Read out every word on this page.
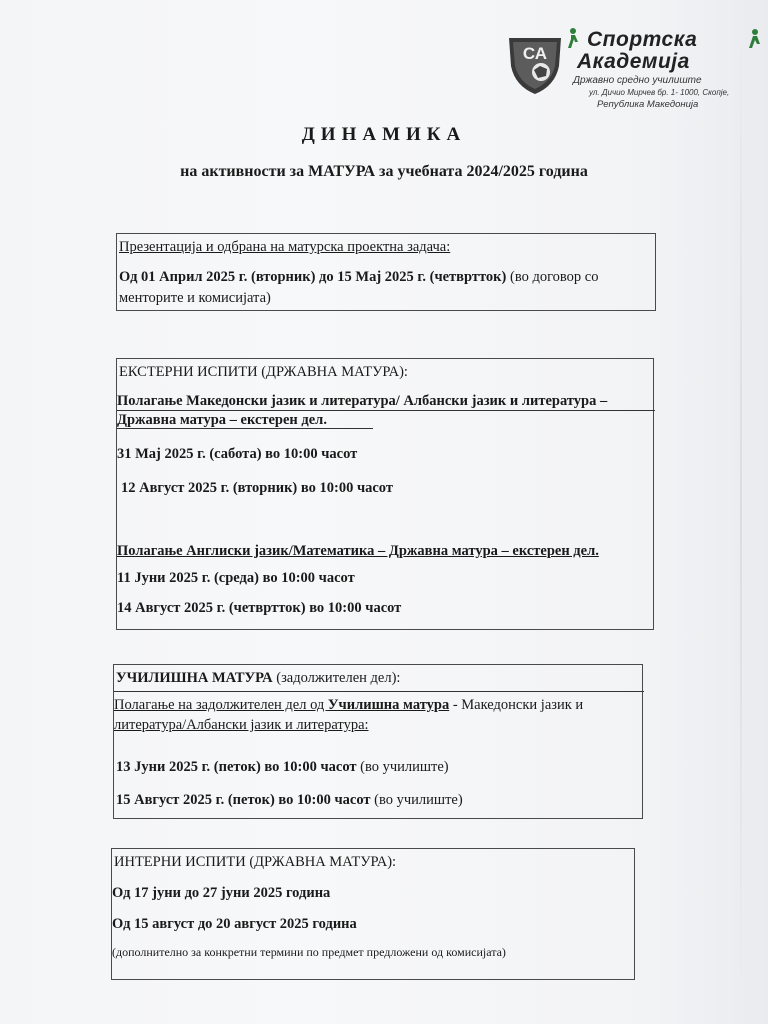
СА
Спортска
Академија
Државно средно училиште
ул. Дичио Мирчев бр. 1- 1000, Скопје,
Република Македонија
ДИНАМИКА
на активности за МАТУРА за учебната 2024/2025 година
Презентација и одбрана на матурска проектна задача:
Од 01 Април 2025 г. (вторник) до 15 Мај 2025 г. (четвртток) (во договор со
менторите и комисијата)
ЕКСТЕРНИ ИСПИТИ (ДРЖАВНА МАТУРА):
Полагање Македонски јазик и литература/ Албански јазик и литература –
Државна матура – екстерен дел.
31 Мај 2025 г. (сабота) во 10:00 часот
12 Август 2025 г. (вторник) во 10:00 часот
Полагање Англиски јазик/Математика – Државна матура – екстерен дел.
11 Јуни 2025 г. (среда) во 10:00 часот
14 Август 2025 г. (четвртток) во 10:00 часот
УЧИЛИШНА МАТУРА (задолжителен дел):
Полагање на задолжителен дел од Училишна матура - Македонски јазик и
литература/Албански јазик и литература:
13 Јуни 2025 г. (петок) во 10:00 часот (во училиште)
15 Август 2025 г. (петок) во 10:00 часот (во училиште)
ИНТЕРНИ ИСПИТИ (ДРЖАВНА МАТУРА):
Од 17 јуни до 27 јуни 2025 година
Од 15 август до 20 август 2025 година
(дополнително за конкретни термини по предмет предложени од комисијата)
